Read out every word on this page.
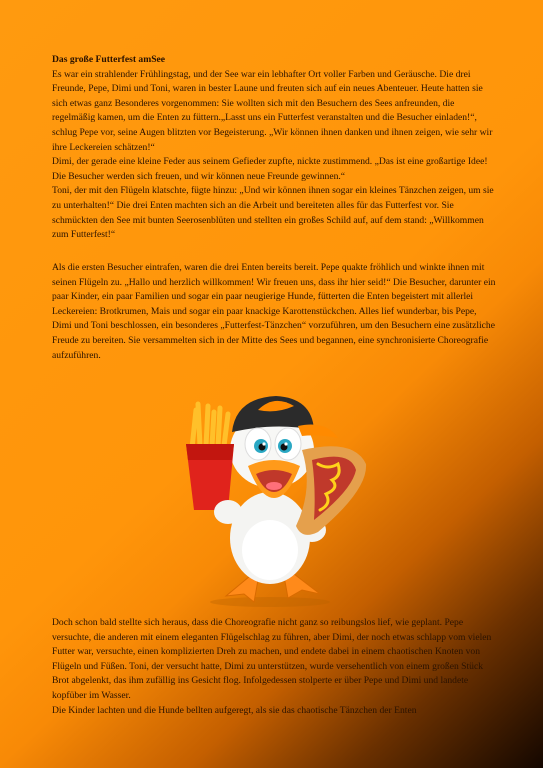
Das große Futterfest amSee
Es war ein strahlender Frühlingstag, und der See war ein lebhafter Ort voller Farben und Geräusche. Die drei Freunde, Pepe, Dimi und Toni, waren in bester Laune und freuten sich auf ein neues Abenteuer. Heute hatten sie sich etwas ganz Besonderes vorgenommen: Sie wollten sich mit den Besuchern des Sees anfreunden, die regelmäßig kamen, um die Enten zu füttern.„Lasst uns ein Futterfest veranstalten und die Besucher einladen!“, schlug Pepe vor, seine Augen blitzten vor Begeisterung. „Wir können ihnen danken und ihnen zeigen, wie sehr wir ihre Leckereien schätzen!“
Dimi, der gerade eine kleine Feder aus seinem Gefieder zupfte, nickte zustimmend. „Das ist eine großartige Idee! Die Besucher werden sich freuen, und wir können neue Freunde gewinnen.“
Toni, der mit den Flügeln klatschte, fügte hinzu: „Und wir können ihnen sogar ein kleines Tänzchen zeigen, um sie zu unterhalten!“ Die drei Enten machten sich an die Arbeit und bereiteten alles für das Futterfest vor. Sie schmückten den See mit bunten Seerosenblüten und stellten ein großes Schild auf, auf dem stand: „Willkommen zum Futterfest!“
Als die ersten Besucher eintrafen, waren die drei Enten bereits bereit. Pepe quakte fröhlich und winkte ihnen mit seinen Flügeln zu. „Hallo und herzlich willkommen! Wir freuen uns, dass ihr hier seid!“ Die Besucher, darunter ein paar Kinder, ein paar Familien und sogar ein paar neugierige Hunde, fütterten die Enten begeistert mit allerlei Leckereien: Brotkrumen, Mais und sogar ein paar knackige Karottenstückchen. Alles lief wunderbar, bis Pepe, Dimi und Toni beschlossen, ein besonderes „Futterfest-Tänzchen“ vorzuführen, um den Besuchern eine zusätzliche Freude zu bereiten. Sie versammelten sich in der Mitte des Sees und begannen, eine synchronisierte Choreografie aufzuführen.
Doch schon bald stellte sich heraus, dass die Choreografie nicht ganz so reibungslos lief, wie geplant. Pepe versuchte, die anderen mit einem eleganten Flügelschlag zu führen, aber Dimi, der noch etwas schlapp vom vielen Futter war, versuchte, einen komplizierten Dreh zu machen, und endete dabei in einem chaotischen Knoten von Flügeln und Füßen. Toni, der versucht hatte, Dimi zu unterstützen, wurde versehentlich von einem großen Stück Brot abgelenkt, das ihm zufällig ins Gesicht flog. Infolgedessen stolperte er über Pepe und Dimi und landete kopfüber im Wasser.
Die Kinder lachten und die Hunde bellten aufgeregt, als sie das chaotische Tänzchen der Enten
